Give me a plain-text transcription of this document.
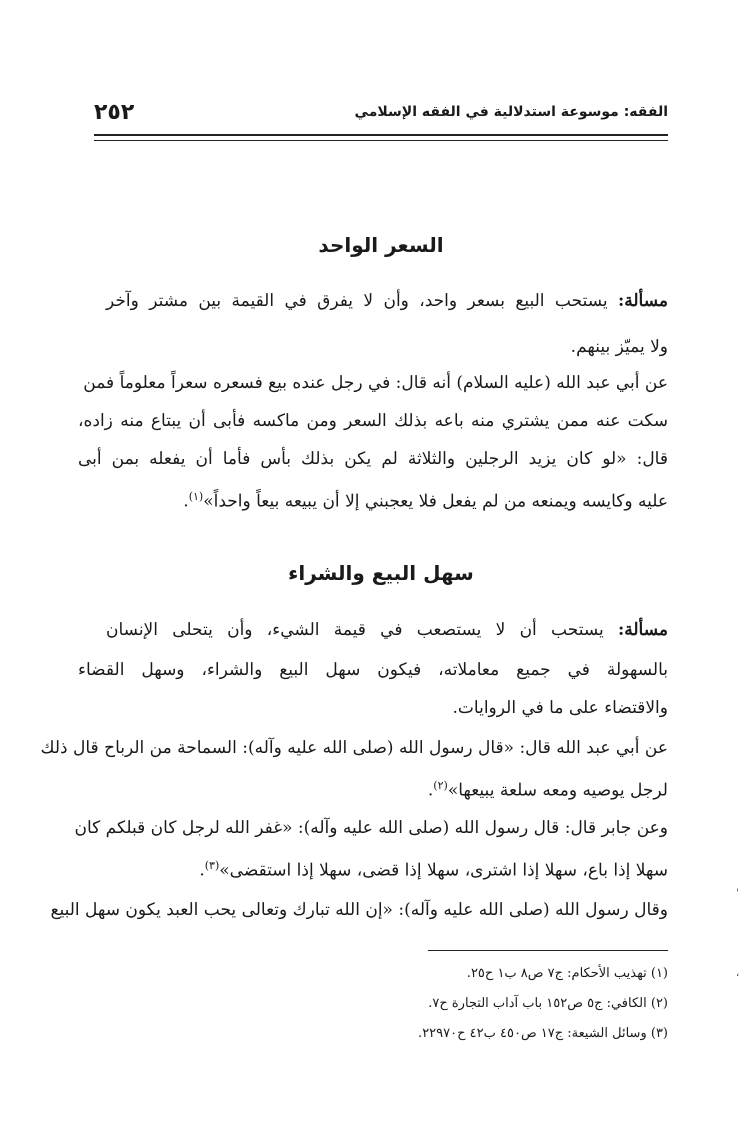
٢٥٢	الفقه: موسوعة استدلالية في الفقه الإسلامي
السعر الواحد
مسألة: يستحب البيع بسعر واحد، وأن لا يفرق في القيمة بين مشتر وآخر
ولا يميّز بينهم.
عن أبي عبد الله (عليه السلام) أنه قال: في رجل عنده بيع فسعره سعراً معلوماً فمن
سكت عنه ممن يشتري منه باعه بذلك السعر ومن ماكسه فأبى أن يبتاع منه زاده،
قال: «لو كان يزيد الرجلين والثلاثة لم يكن بذلك بأس فأما أن يفعله بمن أبى
عليه وكايسه ويمنعه من لم يفعل فلا يعجبني إلا أن يبيعه بيعاً واحداً»$^{(١)}$.
سهل البيع والشراء
مسألة: يستحب أن لا يستصعب في قيمة الشيء، وأن يتحلى الإنسان
بالسهولة في جميع معاملاته، فيكون سهل البيع والشراء، وسهل القضاء
والاقتضاء على ما في الروايات.
عن أبي عبد الله قال: «قال رسول الله (صلى الله عليه وآله): السماحة من الرباح قال ذلك
لرجل يوصيه ومعه سلعة يبيعها»$^{(٢)}$.
وعن جابر قال: قال رسول الله (صلى الله عليه وآله): «غفر الله لرجل كان قبلكم كان
سهلا إذا باع، سهلا إذا اشترى، سهلا إذا قضى، سهلا إذا استقضى»$^{(٣)}$.
وقال رسول الله (صلى الله عليه وآله): «إن الله تبارك وتعالى يحب العبد يكون سهل البيع
(١) تهذيب الأحكام: ج٧ ص٨ ب١ ح٢٥.
(٢) الكافي: ج٥ ص١٥٢ باب آداب التجارة ح٧.
(٣) وسائل الشيعة: ج١٧ ص٤٥٠ ب٤٢ ح٢٢٩٧٠.
'
،
